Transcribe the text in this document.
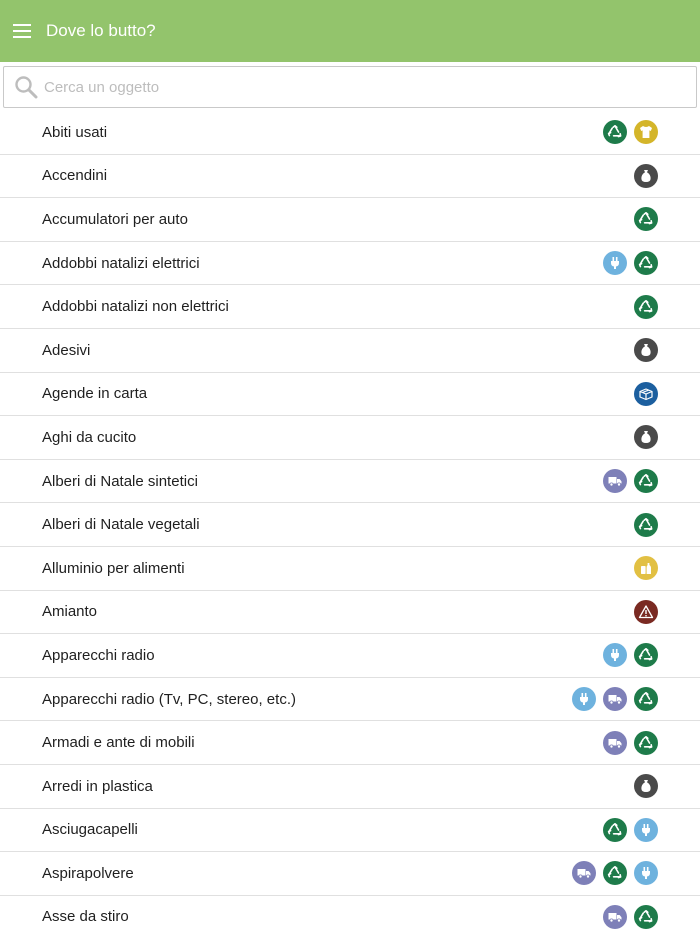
Dove lo butto?
Cerca un oggetto
Abiti usati
Accendini
Accumulatori per auto
Addobbi natalizi elettrici
Addobbi natalizi non elettrici
Adesivi
Agende in carta
Aghi da cucito
Alberi di Natale sintetici
Alberi di Natale vegetali
Alluminio per alimenti
Amianto
Apparecchi radio
Apparecchi radio (Tv, PC, stereo, etc.)
Armadi e ante di mobili
Arredi in plastica
Asciugacapelli
Aspirapolvere
Asse da stiro
